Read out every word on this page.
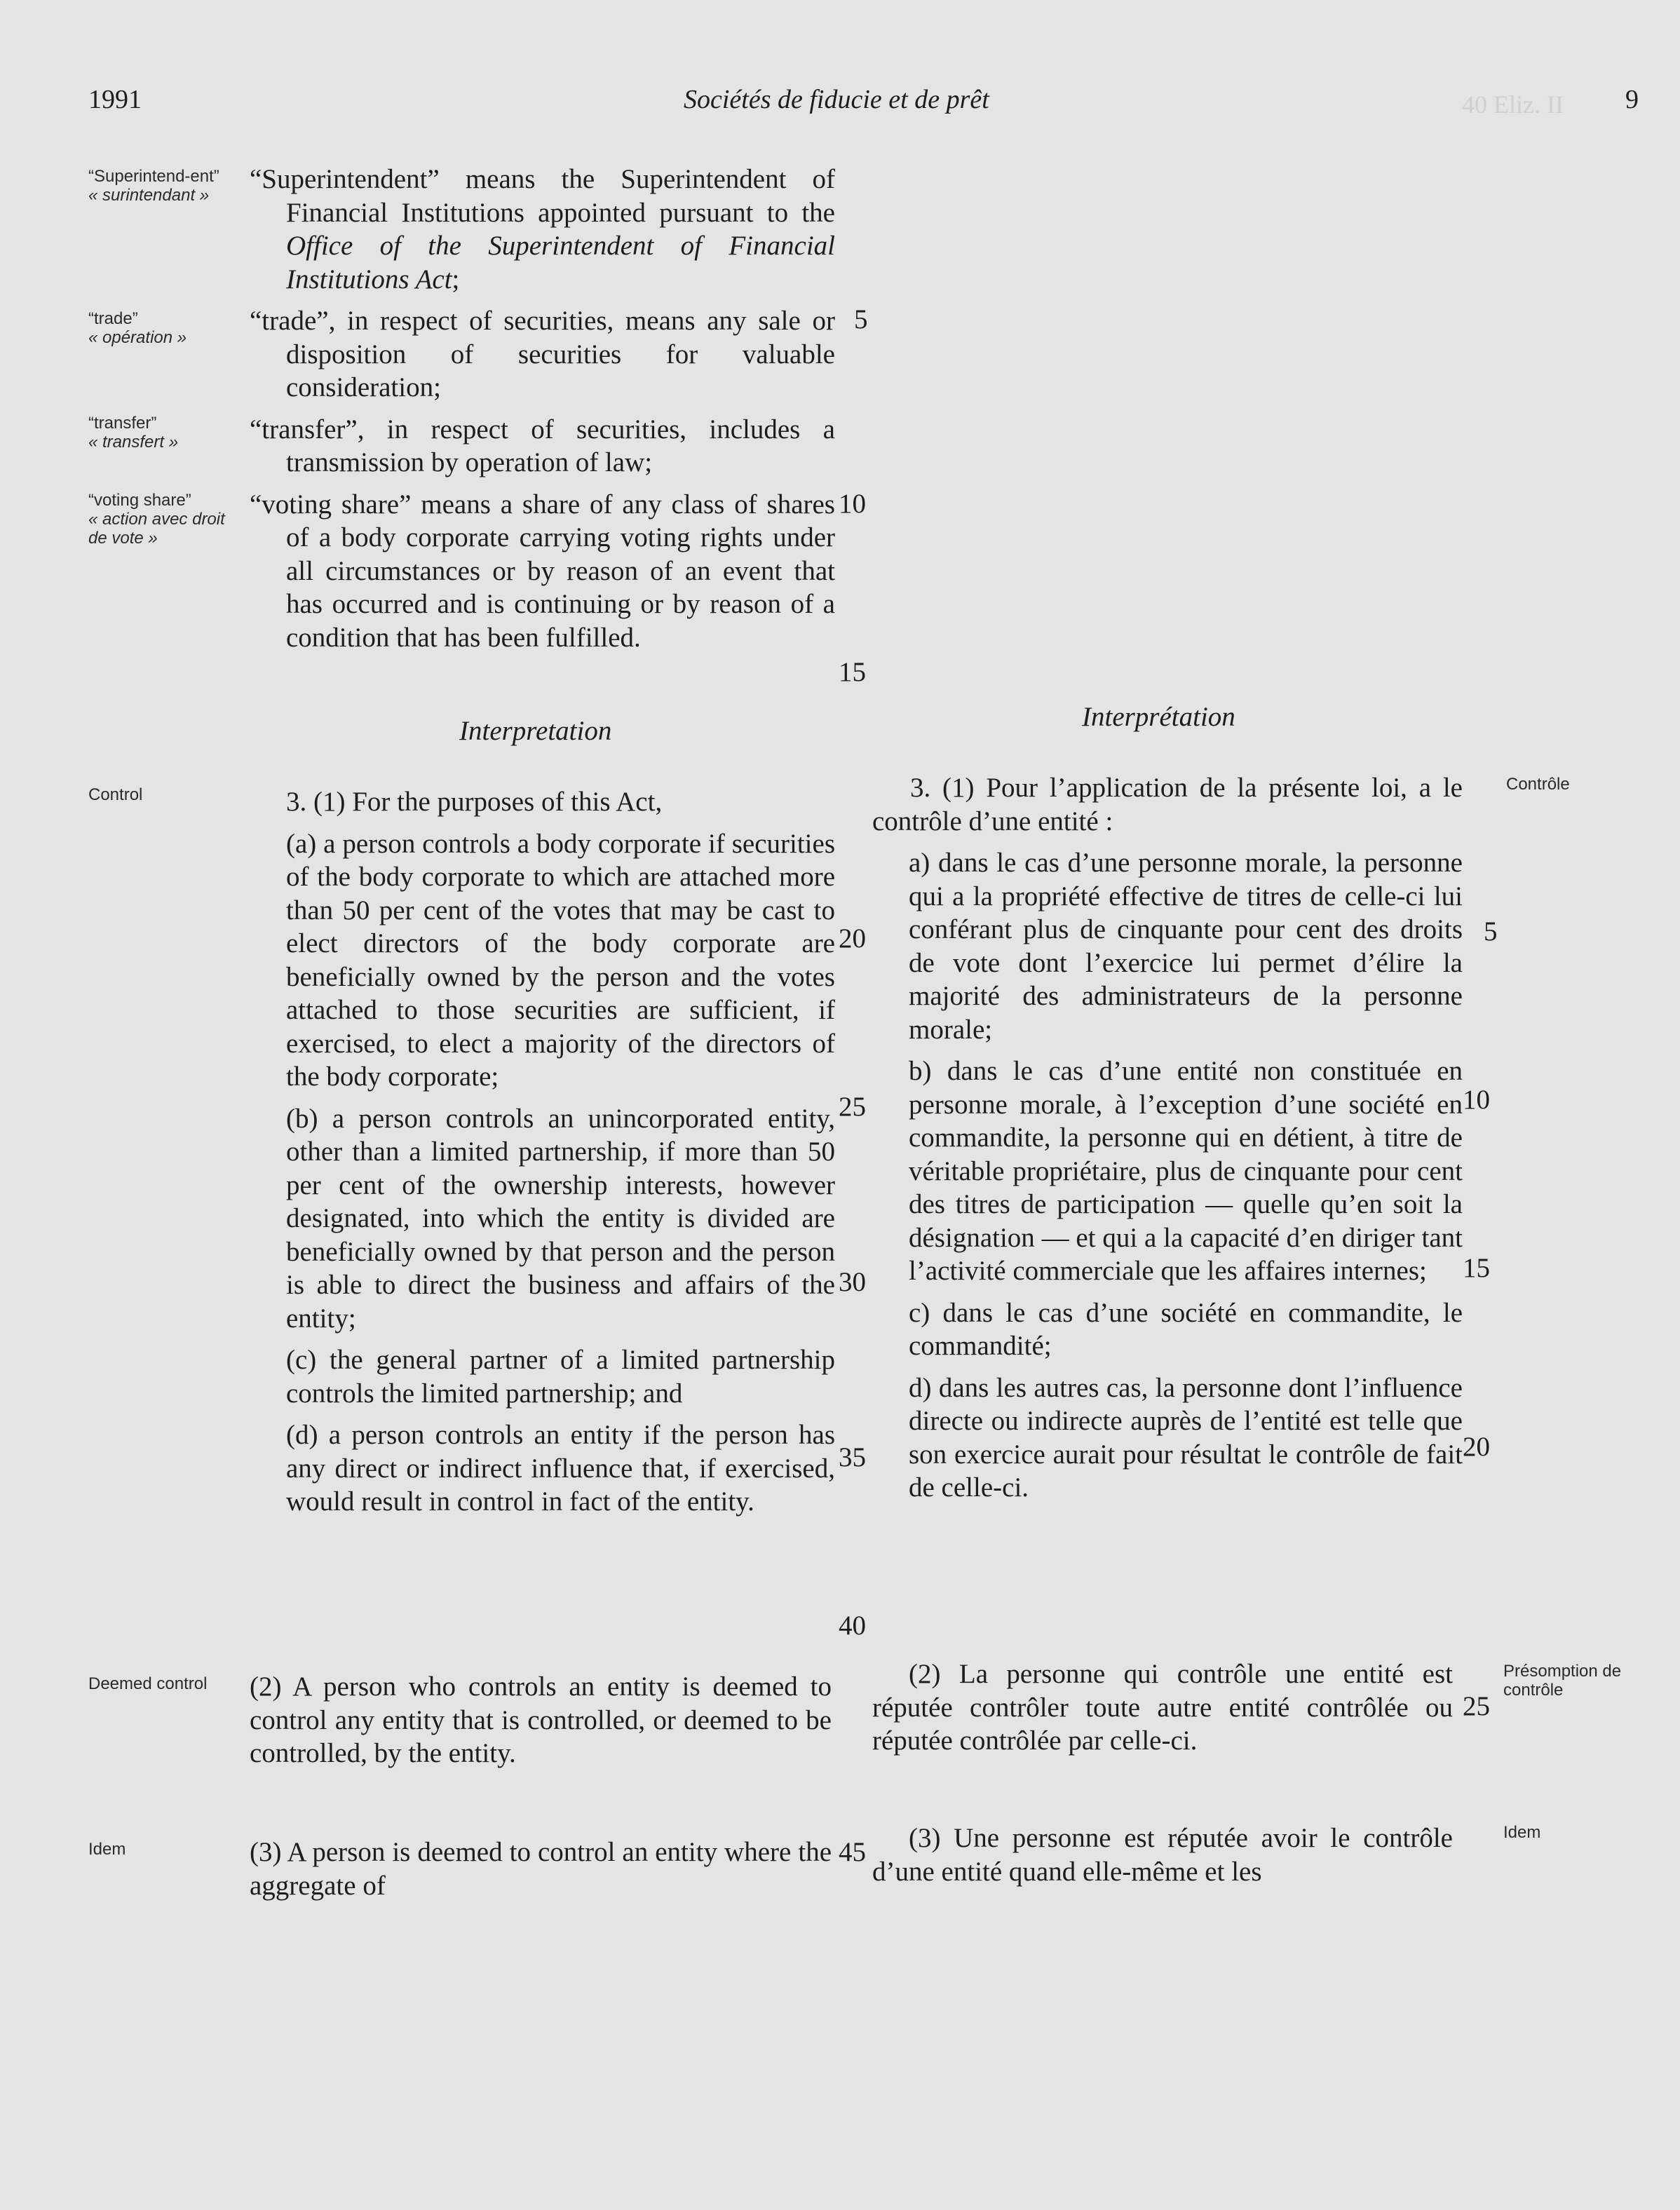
1991	Sociétés de fiducie et de prêt	9
40 Eliz. II
“Superintend-ent”
« surintendant »
“trade”
« opération »
“transfer”
« transfert »
“voting share”
« action avec droit de vote »
Control
Deemed control
Idem

“Superintendent” means the Superintendent of Financial Institutions appointed pursuant to the Office of the Superintendent of Financial Institutions Act;

“trade”, in respect of securities, means any sale or disposition of securities for valuable consideration;

“transfer”, in respect of securities, includes a transmission by operation of law;

“voting share” means a share of any class of shares of a body corporate carrying voting rights under all circumstances or by reason of an event that has occurred and is continuing or by reason of a condition that has been fulfilled.

Interpretation

3. (1) For the purposes of this Act,

(a) a person controls a body corporate if securities of the body corporate to which are attached more than 50 per cent of the votes that may be cast to elect directors of the body corporate are beneficially owned by the person and the votes attached to those securities are sufficient, if exercised, to elect a majority of the directors of the body corporate;

(b) a person controls an unincorporated entity, other than a limited partnership, if more than 50 per cent of the ownership interests, however designated, into which the entity is divided are beneficially owned by that person and the person is able to direct the business and affairs of the entity;

(c) the general partner of a limited partnership controls the limited partnership; and

(d) a person controls an entity if the person has any direct or indirect influence that, if exercised, would result in control in fact of the entity.

(2) A person who controls an entity is deemed to control any entity that is controlled, or deemed to be controlled, by the entity.

(3) A person is deemed to control an entity where the aggregate of

5
10
15
20
25
30
35
40
45
Interprétation

3. (1) Pour l’application de la présente loi, a le contrôle d’une entité :

a) dans le cas d’une personne morale, la personne qui a la propriété effective de titres de celle-ci lui conférant plus de cinquante pour cent des droits de vote dont l’exercice lui permet d’élire la majorité des administrateurs de la personne morale;

b) dans le cas d’une entité non constituée en personne morale, à l’exception d’une société en commandite, la personne qui en détient, à titre de véritable propriétaire, plus de cinquante pour cent des titres de participation — quelle qu’en soit la désignation — et qui a la capacité d’en diriger tant l’activité commerciale que les affaires internes;

c) dans le cas d’une société en commandite, le commandité;

d) dans les autres cas, la personne dont l’influence directe ou indirecte auprès de l’entité est telle que son exercice aurait pour résultat le contrôle de fait de celle-ci.

(2) La personne qui contrôle une entité est réputée contrôler toute autre entité contrôlée ou réputée contrôlée par celle-ci.

(3) Une personne est réputée avoir le contrôle d’une entité quand elle-même et les

5
10
15
20
25
Contrôle
Présomption de contrôle
Idem
